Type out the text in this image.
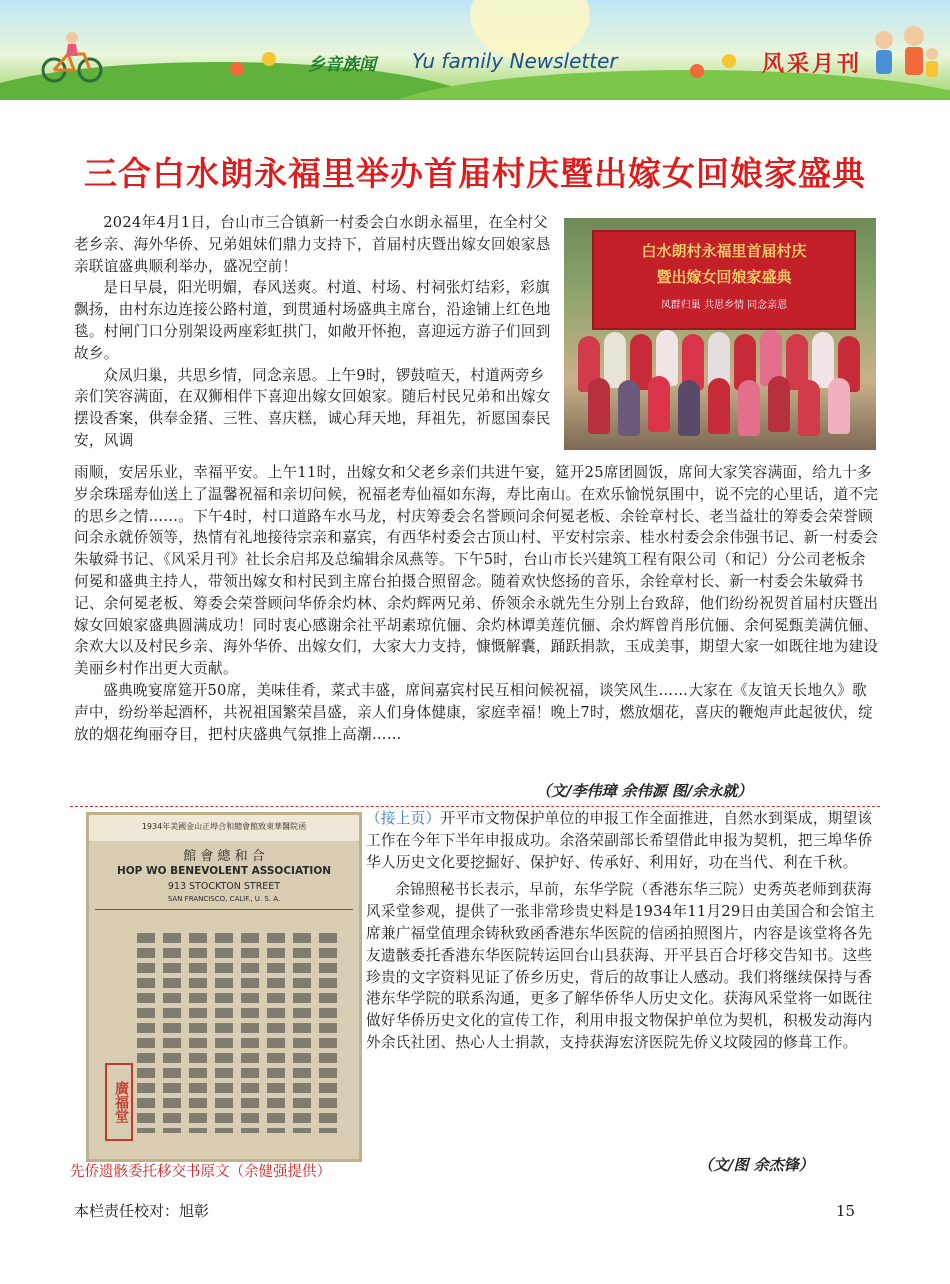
乡音族闻 Yu family Newsletter	风采月刊
三合白水朗永福里举办首届村庆暨出嫁女回娘家盛典
白水朗村永福里首届村庆
暨出嫁女回娘家盛典
凤群归巢 共思乡情 同念亲恩

2024年4月1日，台山市三合镇新一村委会白水朗永福里，在全村父老乡亲、海外华侨、兄弟姐妹们鼎力支持下，首届村庆暨出嫁女回娘家恳亲联谊盛典顺利举办，盛况空前！

是日早晨，阳光明媚，春风送爽。村道、村场、村祠张灯结彩，彩旗飘扬，由村东边连接公路村道，到贯通村场盛典主席台，沿途铺上红色地毯。村闸门口分别架设两座彩虹拱门，如敞开怀抱，喜迎远方游子们回到故乡。

众凤归巢，共思乡情，同念亲恩。上午9时，锣鼓喧天，村道两旁乡亲们笑容满面，在双狮相伴下喜迎出嫁女回娘家。随后村民兄弟和出嫁女摆设香案，供奉金猪、三牲、喜庆糕，诚心拜天地，拜祖先，祈愿国泰民安，风调

雨顺，安居乐业，幸福平安。上午11时，出嫁女和父老乡亲们共进午宴，筵开25席团圆饭，席间大家笑容满面，给九十多岁余珠瑶寿仙送上了温馨祝福和亲切问候，祝福老寿仙福如东海，寿比南山。在欢乐愉悦氛围中，说不完的心里话，道不完的思乡之情……。下午4时，村口道路车水马龙，村庆筹委会名誉顾问余何冕老板、余铨章村长、老当益壮的筹委会荣誉顾问余永就侨领等，热情有礼地接待宗亲和嘉宾，有西华村委会古顶山村、平安村宗亲、桂水村委会余伟强书记、新一村委会朱敏舜书记、《风采月刊》社长余启邦及总编辑余凤燕等。下午5时，台山市长兴建筑工程有限公司（和记）分公司老板余何冕和盛典主持人，带领出嫁女和村民到主席台拍摄合照留念。随着欢快悠扬的音乐，余铨章村长、新一村委会朱敏舜书记、余何冕老板、筹委会荣誉顾问华侨余灼林、余灼辉两兄弟、侨领余永就先生分别上台致辞，他们纷纷祝贺首届村庆暨出嫁女回娘家盛典圆满成功！同时衷心感谢余社平胡素琼伉俪、余灼林谭美莲伉俪、余灼辉曾肖彤伉俪、余何冕甄美满伉俪、余欢大以及村民乡亲、海外华侨、出嫁女们，大家大力支持，慷慨解囊，踊跃捐款，玉成美事，期望大家一如既往地为建设美丽乡村作出更大贡献。

盛典晚宴席筵开50席，美味佳肴，菜式丰盛，席间嘉宾村民互相问候祝福，谈笑风生……大家在《友谊天长地久》歌声中，纷纷举起酒杯，共祝祖国繁荣昌盛，亲人们身体健康，家庭幸福！晚上7时，燃放烟花，喜庆的鞭炮声此起彼伏，绽放的烟花绚丽夺目，把村庆盛典气氛推上高潮……

（文/李伟璋 余伟源 图/余永就）
1934年美國金山正埠合和總會館致東華醫院函
館 會 總 和 合
HOP WO BENEVOLENT ASSOCIATION
913 STOCKTON STREET
SAN FRANCISCO, CALIF., U. S. A.
廣福堂
先侨遗骸委托移交书原文（余健强提供）

（接上页）开平市文物保护单位的申报工作全面推进，自然水到渠成，期望该工作在今年下半年申报成功。余洛荣副部长希望借此申报为契机，把三埠华侨华人历史文化要挖掘好、保护好、传承好、利用好，功在当代、利在千秋。

余锦照秘书长表示，早前，东华学院（香港东华三院）史秀英老师到获海风采堂参观，提供了一张非常珍贵史料是1934年11月29日由美国合和会馆主席兼广福堂值理余铸秋致函香港东华医院的信函拍照图片，内容是该堂将各先友遗骸委托香港东华医院转运回台山县获海、开平县百合圩移交告知书。这些珍贵的文字资料见证了侨乡历史，背后的故事让人感动。我们将继续保持与香港东华学院的联系沟通，更多了解华侨华人历史文化。获海风采堂将一如既往做好华侨历史文化的宣传工作，利用申报文物保护单位为契机，积极发动海内外余氏社团、热心人士捐款，支持获海宏济医院先侨义坟陵园的修葺工作。

（文/图 余杰锋）
本栏责任校对：旭彰	15
